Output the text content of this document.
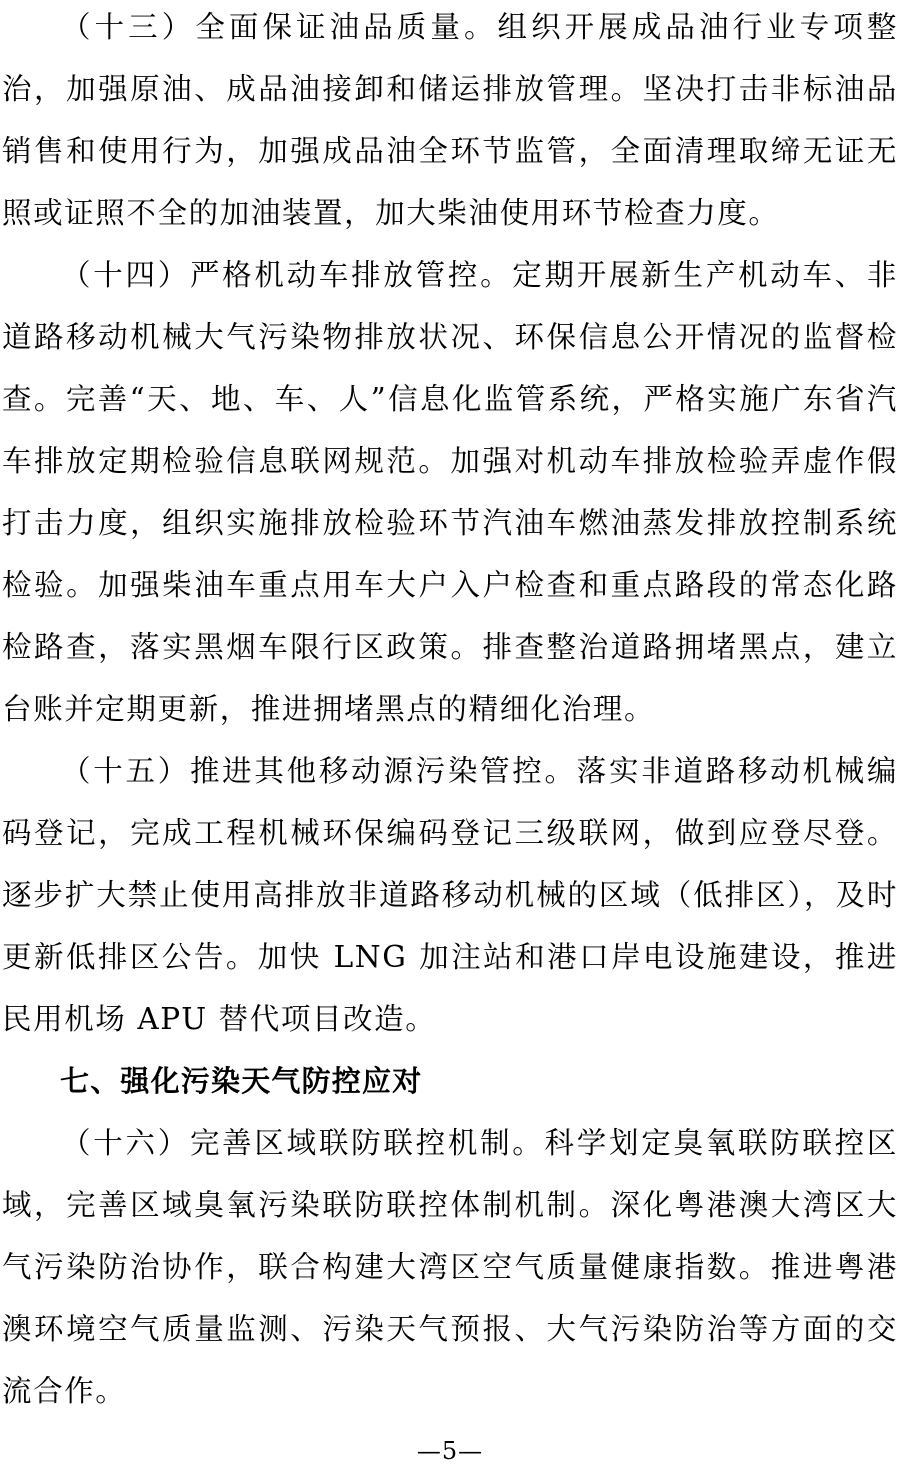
（十三）全面保证油品质量。组织开展成品油行业专项整治，加强原油、成品油接卸和储运排放管理。坚决打击非标油品销售和使用行为，加强成品油全环节监管，全面清理取缔无证无照或证照不全的加油装置，加大柴油使用环节检查力度。

（十四）严格机动车排放管控。定期开展新生产机动车、非道路移动机械大气污染物排放状况、环保信息公开情况的监督检查。完善“天、地、车、人”信息化监管系统，严格实施广东省汽车排放定期检验信息联网规范。加强对机动车排放检验弄虚作假打击力度，组织实施排放检验环节汽油车燃油蒸发排放控制系统检验。加强柴油车重点用车大户入户检查和重点路段的常态化路检路查，落实黑烟车限行区政策。排查整治道路拥堵黑点，建立台账并定期更新，推进拥堵黑点的精细化治理。

（十五）推进其他移动源污染管控。落实非道路移动机械编码登记，完成工程机械环保编码登记三级联网，做到应登尽登。逐步扩大禁止使用高排放非道路移动机械的区域（低排区），及时更新低排区公告。加快 LNG 加注站和港口岸电设施建设，推进民用机场 APU 替代项目改造。

七、强化污染天气防控应对

（十六）完善区域联防联控机制。科学划定臭氧联防联控区域，完善区域臭氧污染联防联控体制机制。深化粤港澳大湾区大气污染防治协作，联合构建大湾区空气质量健康指数。推进粤港澳环境空气质量监测、污染天气预报、大气污染防治等方面的交流合作。

—5—
